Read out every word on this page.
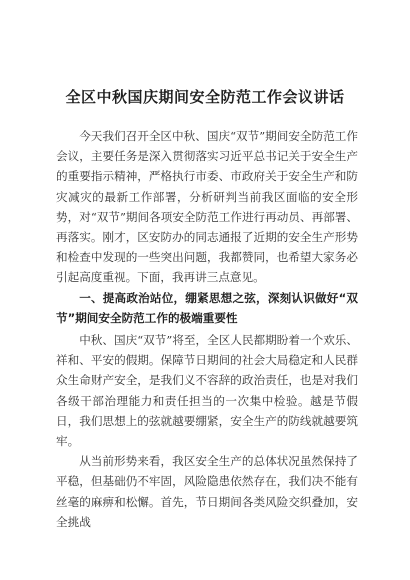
全区中秋国庆期间安全防范工作会议讲话

今天我们召开全区中秋、国庆“双节”期间安全防范工作会议，主要任务是深入贯彻落实习近平总书记关于安全生产的重要指示精神，严格执行市委、市政府关于安全生产和防灾减灾的最新工作部署，分析研判当前我区面临的安全形势，对“双节”期间各项安全防范工作进行再动员、再部署、再落实。刚才，区安防办的同志通报了近期的安全生产形势和检查中发现的一些突出问题，我都赞同，也希望大家务必引起高度重视。下面，我再讲三点意见。

一、提高政治站位，绷紧思想之弦，深刻认识做好“双节”期间安全防范工作的极端重要性

中秋、国庆“双节”将至，全区人民都期盼着一个欢乐、祥和、平安的假期。保障节日期间的社会大局稳定和人民群众生命财产安全，是我们义不容辞的政治责任，也是对我们各级干部治理能力和责任担当的一次集中检验。越是节假日，我们思想上的弦就越要绷紧，安全生产的防线就越要筑牢。

从当前形势来看，我区安全生产的总体状况虽然保持了平稳，但基础仍不牢固，风险隐患依然存在，我们决不能有丝毫的麻痹和松懈。首先，节日期间各类风险交织叠加，安全挑战
